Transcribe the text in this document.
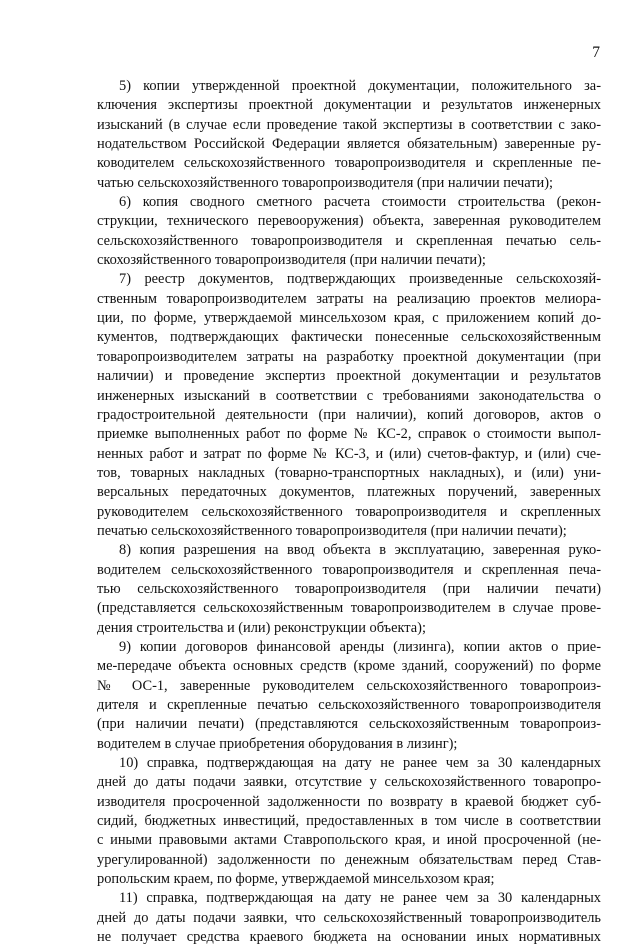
7
5) копии утвержденной проектной документации, положительного за-
ключения экспертизы проектной документации и результатов инженерных
изысканий (в случае если проведение такой экспертизы в соответствии с зако-
нодательством Российской Федерации является обязательным) заверенные ру-
ководителем сельскохозяйственного товаропроизводителя и скрепленные пе-
чатью сельскохозяйственного товаропроизводителя (при наличии печати);
6) копия сводного сметного расчета стоимости строительства (рекон-
струкции, технического перевооружения) объекта, заверенная руководителем
сельскохозяйственного товаропроизводителя и скрепленная печатью сель-
скохозяйственного товаропроизводителя (при наличии печати);
7) реестр документов, подтверждающих произведенные сельскохозяй-
ственным товаропроизводителем затраты на реализацию проектов мелиора-
ции, по форме, утверждаемой минсельхозом края, с приложением копий до-
кументов, подтверждающих фактически понесенные сельскохозяйственным
товаропроизводителем затраты на разработку проектной документации (при
наличии) и проведение экспертиз проектной документации и результатов
инженерных изысканий в соответствии с требованиями законодательства о
градостроительной деятельности (при наличии), копий договоров, актов о
приемке выполненных работ по форме № КС-2, справок о стоимости выпол-
ненных работ и затрат по форме № КС-3, и (или) счетов-фактур, и (или) сче-
тов, товарных накладных (товарно-транспортных накладных), и (или) уни-
версальных передаточных документов, платежных поручений, заверенных
руководителем сельскохозяйственного товаропроизводителя и скрепленных
печатью сельскохозяйственного товаропроизводителя (при наличии печати);
8) копия разрешения на ввод объекта в эксплуатацию, заверенная руко-
водителем сельскохозяйственного товаропроизводителя и скрепленная печа-
тью сельскохозяйственного товаропроизводителя (при наличии печати)
(представляется сельскохозяйственным товаропроизводителем в случае прове-
дения строительства и (или) реконструкции объекта);
9) копии договоров финансовой аренды (лизинга), копии актов о прие-
ме-передаче объекта основных средств (кроме зданий, сооружений) по форме
№ ОС-1, заверенные руководителем сельскохозяйственного товаропроиз-
дителя и скрепленные печатью сельскохозяйственного товаропроизводителя
(при наличии печати) (представляются сельскохозяйственным товаропроиз-
водителем в случае приобретения оборудования в лизинг);
10) справка, подтверждающая на дату не ранее чем за 30 календарных
дней до даты подачи заявки, отсутствие у сельскохозяйственного товаропро-
изводителя просроченной задолженности по возврату в краевой бюджет суб-
сидий, бюджетных инвестиций, предоставленных в том числе в соответствии
с иными правовыми актами Ставропольского края, и иной просроченной (не-
урегулированной) задолженности по денежным обязательствам перед Став-
ропольским краем, по форме, утверждаемой минсельхозом края;
11) справка, подтверждающая на дату не ранее чем за 30 календарных
дней до даты подачи заявки, что сельскохозяйственный товаропроизводитель
не получает средства краевого бюджета на основании иных нормативных
